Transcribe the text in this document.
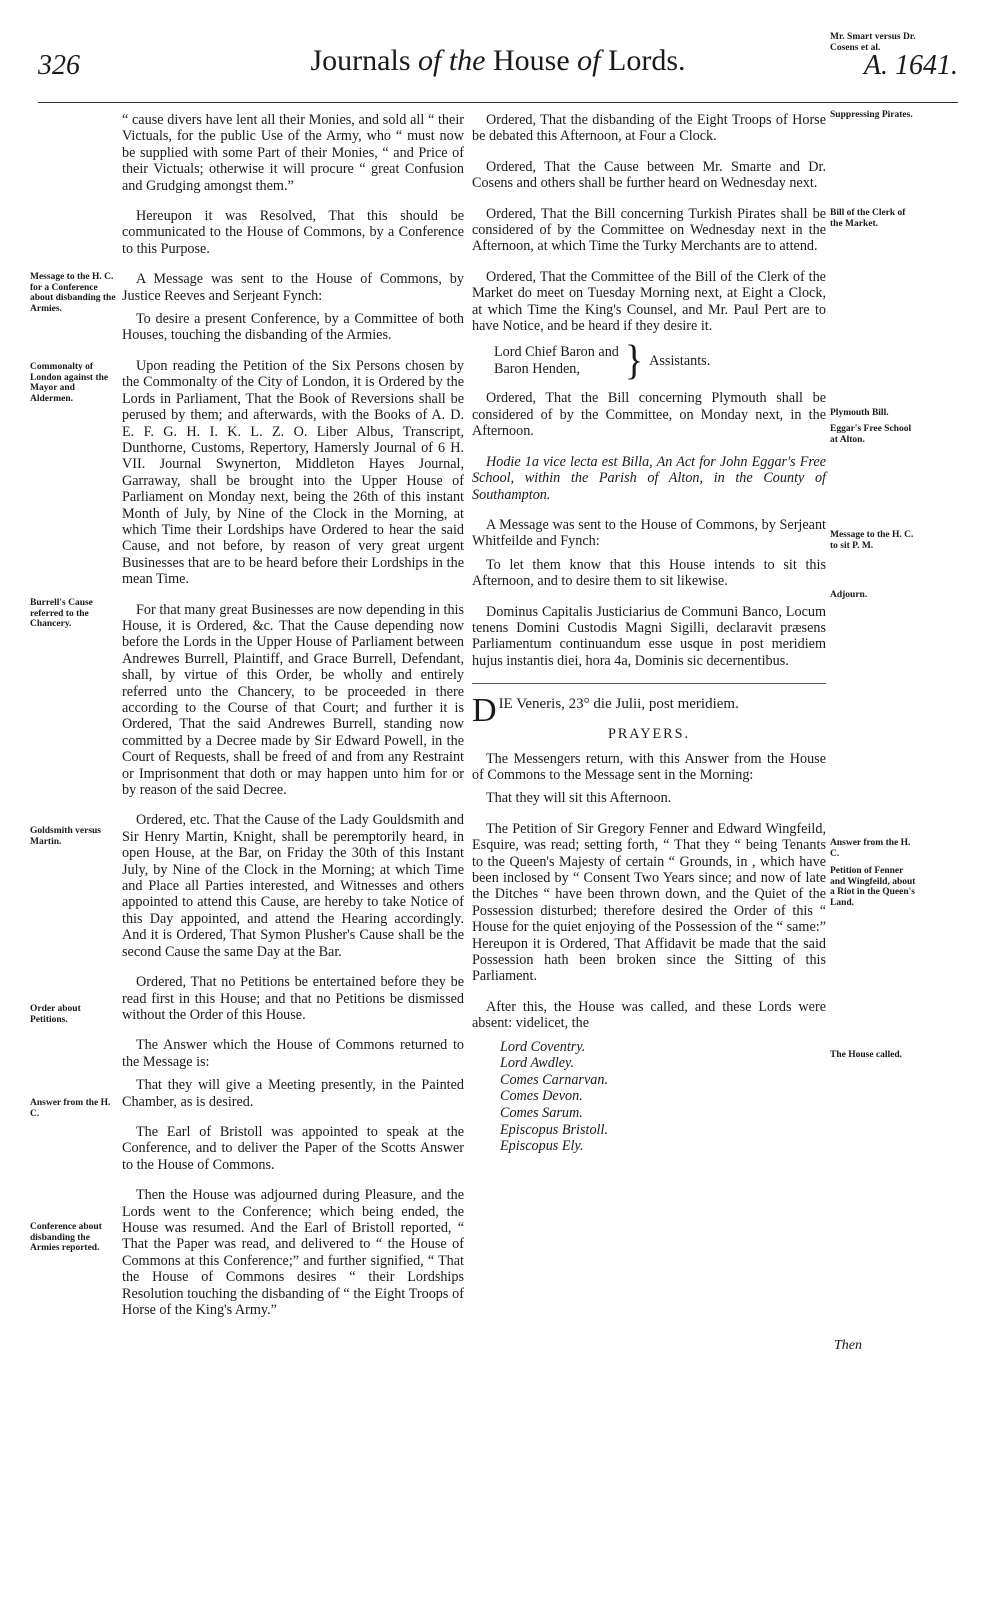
326	Journals of the House of Lords.	A. 1641.
Message to the H. C. for a Conference about disbanding the Armies.
Commonalty of London against the Mayor and Aldermen.
Burrell's Cause referred to the Chancery.
Goldsmith versus Martin.
Order about Petitions.
Answer from the H. C.
Conference about disbanding the Armies reported.

“ cause divers have lent all their Monies, and sold all “ their Victuals, for the public Use of the Army, who “ must now be supplied with some Part of their Monies, “ and Price of their Victuals; otherwise it will procure “ great Confusion and Grudging amongst them.”

Hereupon it was Resolved, That this should be communicated to the House of Commons, by a Conference to this Purpose.

A Message was sent to the House of Commons, by Justice Reeves and Serjeant Fynch:

To desire a present Conference, by a Committee of both Houses, touching the disbanding of the Armies.

Upon reading the Petition of the Six Persons chosen by the Commonalty of the City of London, it is Ordered by the Lords in Parliament, That the Book of Reversions shall be perused by them; and afterwards, with the Books of A. D. E. F. G. H. I. K. L. Z. O. Liber Albus, Transcript, Dunthorne, Customs, Repertory, Hamersly Journal of 6 H. VII. Journal Swynerton, Middleton Hayes Journal, Garraway, shall be brought into the Upper House of Parliament on Monday next, being the 26th of this instant Month of July, by Nine of the Clock in the Morning, at which Time their Lordships have Ordered to hear the said Cause, and not before, by reason of very great urgent Businesses that are to be heard before their Lordships in the mean Time.

For that many great Businesses are now depending in this House, it is Ordered, &c. That the Cause depending now before the Lords in the Upper House of Parliament between Andrewes Burrell, Plaintiff, and Grace Burrell, Defendant, shall, by virtue of this Order, be wholly and entirely referred unto the Chancery, to be proceeded in there according to the Course of that Court; and further it is Ordered, That the said Andrewes Burrell, standing now committed by a Decree made by Sir Edward Powell, in the Court of Requests, shall be freed of and from any Restraint or Imprisonment that doth or may happen unto him for or by reason of the said Decree.

Ordered, etc. That the Cause of the Lady Gouldsmith and Sir Henry Martin, Knight, shall be peremptorily heard, in open House, at the Bar, on Friday the 30th of this Instant July, by Nine of the Clock in the Morning; at which Time and Place all Parties interested, and Witnesses and others appointed to attend this Cause, are hereby to take Notice of this Day appointed, and attend the Hearing accordingly. And it is Ordered, That Symon Plusher's Cause shall be the second Cause the same Day at the Bar.

Ordered, That no Petitions be entertained before they be read first in this House; and that no Petitions be dismissed without the Order of this House.

The Answer which the House of Commons returned to the Message is:

That they will give a Meeting presently, in the Painted Chamber, as is desired.

The Earl of Bristoll was appointed to speak at the Conference, and to deliver the Paper of the Scotts Answer to the House of Commons.

Then the House was adjourned during Pleasure, and the Lords went to the Conference; which being ended, the House was resumed. And the Earl of Bristoll reported, “ That the Paper was read, and delivered to “ the House of Commons at this Conference;” and further signified, “ That the House of Commons desires “ their Lordships Resolution touching the disbanding of “ the Eight Troops of Horse of the King's Army.”

Ordered, That the disbanding of the Eight Troops of Horse be debated this Afternoon, at Four a Clock.

Ordered, That the Cause between Mr. Smarte and Dr. Cosens and others shall be further heard on Wednesday next.

Ordered, That the Bill concerning Turkish Pirates shall be considered of by the Committee on Wednesday next in the Afternoon, at which Time the Turky Merchants are to attend.

Ordered, That the Committee of the Bill of the Clerk of the Market do meet on Tuesday Morning next, at Eight a Clock, at which Time the King's Counsel, and Mr. Paul Pert are to have Notice, and be heard if they desire it.

Lord Chief Baron and
Baron Henden,	} Assistants.

Ordered, That the Bill concerning Plymouth shall be considered of by the Committee, on Monday next, in the Afternoon.

Hodie 1a vice lecta est Billa, An Act for John Eggar's Free School, within the Parish of Alton, in the County of Southampton.

A Message was sent to the House of Commons, by Serjeant Whitfeilde and Fynch:

To let them know that this House intends to sit this Afternoon, and to desire them to sit likewise.

Dominus Capitalis Justiciarius de Communi Banco, Locum tenens Domini Custodis Magni Sigilli, declaravit præsens Parliamentum continuandum esse usque in post meridiem hujus instantis diei, hora 4a, Dominis sic decernentibus.

D IE Veneris, 23° die Julii, post meridiem.

PRAYERS.

The Messengers return, with this Answer from the House of Commons to the Message sent in the Morning:

That they will sit this Afternoon.

The Petition of Sir Gregory Fenner and Edward Wingfeild, Esquire, was read; setting forth, “ That they “ being Tenants to the Queen's Majesty of certain “ Grounds, in , which have been inclosed by “ Consent Two Years since; and now of late the Ditches “ have been thrown down, and the Quiet of the Possession disturbed; therefore desired the Order of this “ House for the quiet enjoying of the Possession of the “ same:” Hereupon it is Ordered, That Affidavit be made that the said Possession hath been broken since the Sitting of this Parliament.

After this, the House was called, and these Lords were absent: videlicet, the

Lord Coventry.
Lord Awdley.
Comes Carnarvan.
Comes Devon.
Comes Sarum.
Episcopus Bristoll.
Episcopus Ely.
Mr. Smart versus Dr. Cosens et al.
Suppressing Pirates.
Bill of the Clerk of the Market.
Plymouth Bill.
Eggar's Free School at Alton.
Message to the H. C. to sit P. M.
Adjourn.
Answer from the H. C.
Petition of Fenner and Wingfeild, about a Riot in the Queen's Land.
The House called.
Then
